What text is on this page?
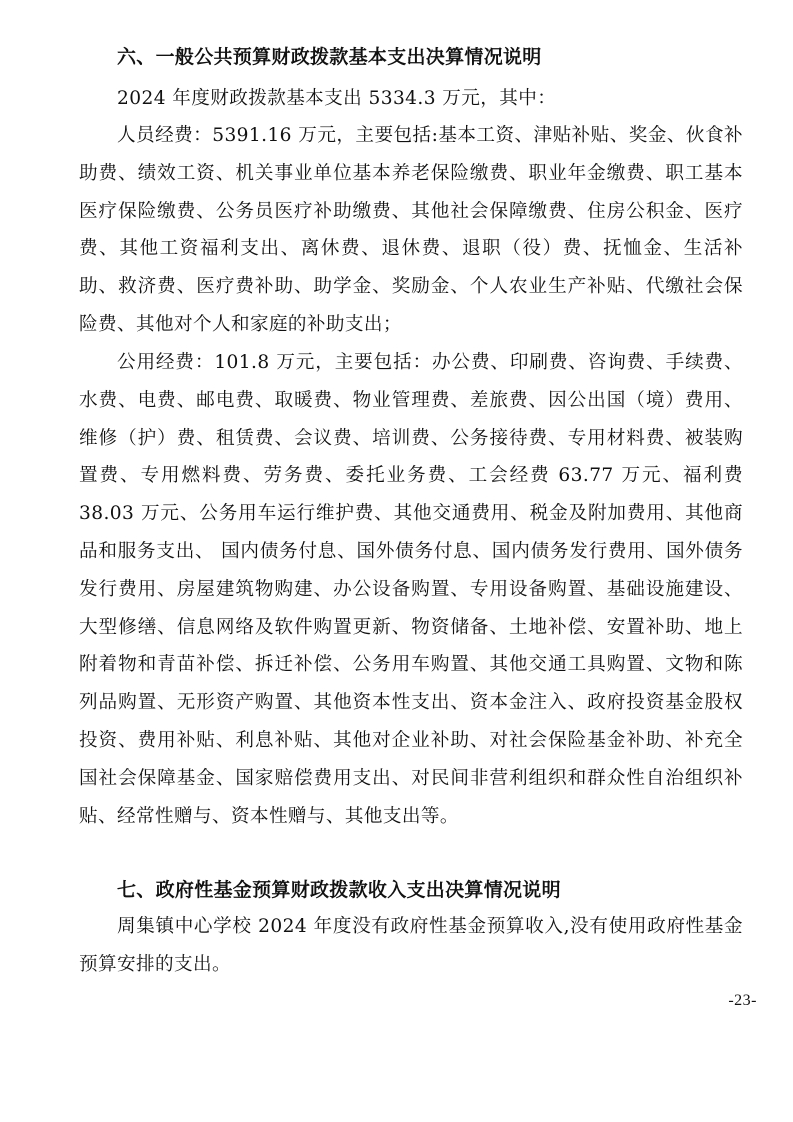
六、一般公共预算财政拨款基本支出决算情况说明
2024 年度财政拨款基本支出 5334.3 万元，其中：
人员经费：5391.16 万元，主要包括:基本工资、津贴补贴、奖金、伙食补助费、绩效工资、机关事业单位基本养老保险缴费、职业年金缴费、职工基本医疗保险缴费、公务员医疗补助缴费、其他社会保障缴费、住房公积金、医疗费、其他工资福利支出、离休费、退休费、退职（役）费、抚恤金、生活补助、救济费、医疗费补助、助学金、奖励金、个人农业生产补贴、代缴社会保险费、其他对个人和家庭的补助支出；
公用经费：101.8 万元，主要包括：办公费、印刷费、咨询费、手续费、水费、电费、邮电费、取暖费、物业管理费、差旅费、因公出国（境）费用、维修（护）费、租赁费、会议费、培训费、公务接待费、专用材料费、被装购置费、专用燃料费、劳务费、委托业务费、工会经费 63.77 万元、福利费 38.03 万元、公务用车运行维护费、其他交通费用、税金及附加费用、其他商品和服务支出、 国内债务付息、国外债务付息、国内债务发行费用、国外债务发行费用、房屋建筑物购建、办公设备购置、专用设备购置、基础设施建设、大型修缮、信息网络及软件购置更新、物资储备、土地补偿、安置补助、地上附着物和青苗补偿、拆迁补偿、公务用车购置、其他交通工具购置、文物和陈列品购置、无形资产购置、其他资本性支出、资本金注入、政府投资基金股权投资、费用补贴、利息补贴、其他对企业补助、对社会保险基金补助、补充全国社会保障基金、国家赔偿费用支出、对民间非营利组织和群众性自治组织补贴、经常性赠与、资本性赠与、其他支出等。
七、政府性基金预算财政拨款收入支出决算情况说明
周集镇中心学校 2024 年度没有政府性基金预算收入,没有使用政府性基金预算安排的支出。
-23-
